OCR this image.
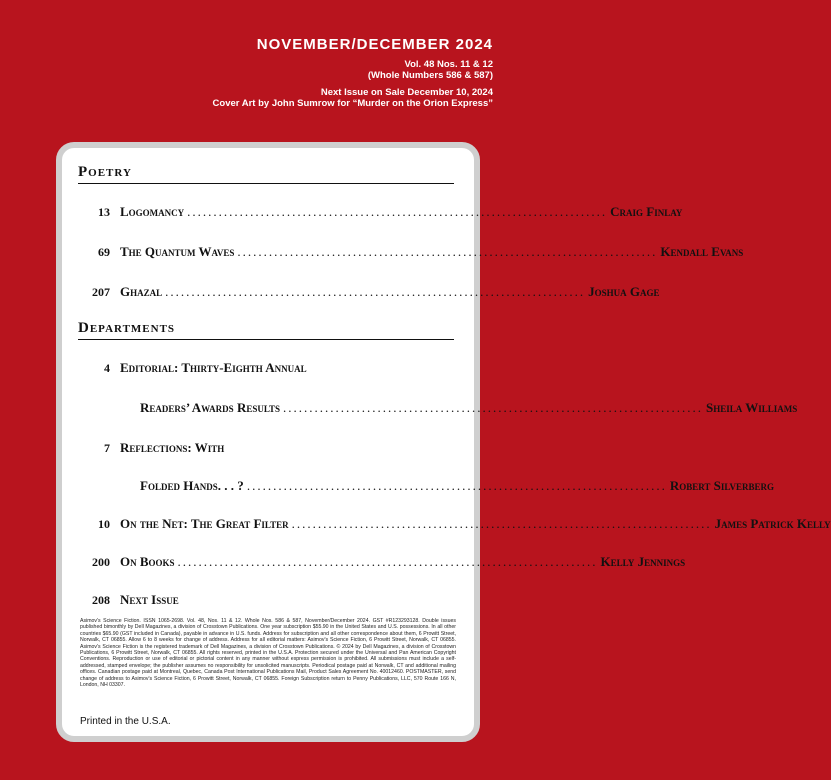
NOVEMBER/DECEMBER 2024
Vol. 48 Nos. 11 & 12
(Whole Numbers 586 & 587)
Next Issue on Sale December 10, 2024
Cover Art by John Sumrow for “Murder on the Orion Express”
Poetry
13 Logomancy ................................................................................ Craig Finlay
69 The Quantum Waves ................................................................................ Kendall Evans
207 Ghazal ................................................................................ Joshua Gage
Departments
4 Editorial: Thirty-Eighth Annual
Readers’ Awards Results ................................................................................ Sheila Williams
7 Reflections: With
Folded Hands. . . ? ................................................................................ Robert Silverberg
10 On the Net: The Great Filter ................................................................................ James Patrick Kelly
200 On Books ................................................................................ Kelly Jennings
208 Next Issue
Asimov's Science Fiction. ISSN 1065-2698. Vol. 48, Nos. 11 & 12. Whole Nos. 586 & 587, November/December 2024. GST #R123293128. Double issues published bimonthly by Dell Magazines, a division of Crosstown Publications. One year subscription $55.90 in the United States and U.S. possessions. In all other countries $65.90 (GST included in Canada), payable in advance in U.S. funds. Address for subscription and all other correspondence about them, 6 Prowitt Street, Norwalk, CT 06855. Allow 6 to 8 weeks for change of address. Address for all editorial matters: Asimov's Science Fiction, 6 Prowitt Street, Norwalk, CT 06855. Asimov's Science Fiction is the registered trademark of Dell Magazines, a division of Crosstown Publications. © 2024 by Dell Magazines, a division of Crosstown Publications, 6 Prowitt Street, Norwalk, CT 06855. All rights reserved, printed in the U.S.A. Protection secured under the Universal and Pan American Copyright Conventions. Reproduction or use of editorial or pictorial content in any manner without express permission is prohibited. All submissions must include a self-addressed, stamped envelope; the publisher assumes no responsibility for unsolicited manuscripts. Periodical postage paid at Norwalk, CT and additional mailing offices. Canadian postage paid at Montreal, Quebec, Canada Post International Publications Mail, Product Sales Agreement No. 40012460. POSTMASTER, send change of address to Asimov's Science Fiction, 6 Prowitt Street, Norwalk, CT 06855. Foreign Subscription return to Penny Publications, LLC, 570 Route 166 N, London, NH 03307.
Printed in the U.S.A.
